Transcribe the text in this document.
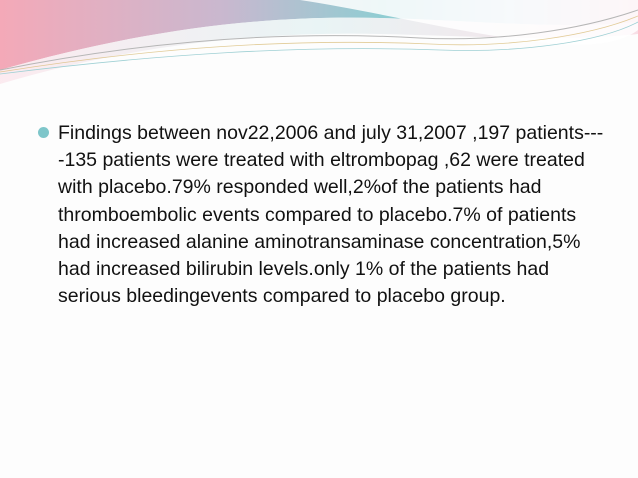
Findings between nov22,2006 and july 31,2007 ,197 patients----135 patients were treated with eltrombopag ,62 were treated with placebo.79% responded well,2%of the patients had thromboembolic events compared to placebo.7% of patients had increased alanine aminotransaminase concentration,5% had increased bilirubin levels.only 1% of the patients had serious bleedingevents compared to placebo group.
